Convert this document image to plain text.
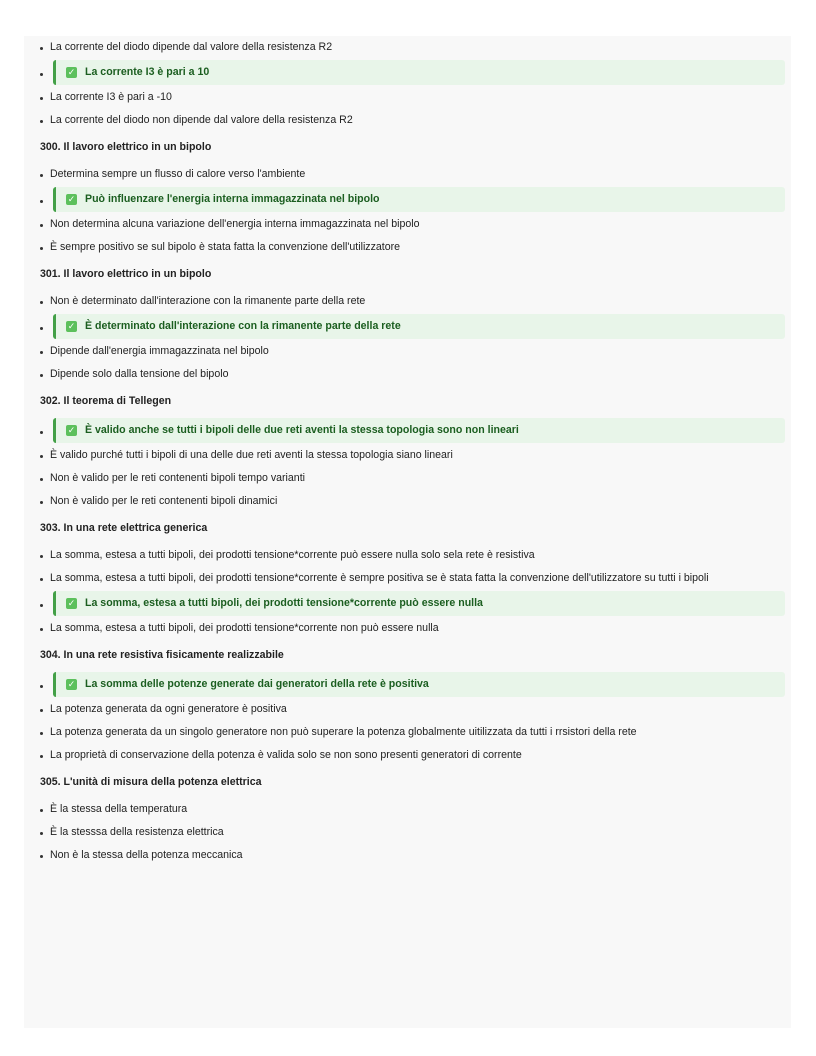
La corrente del diodo dipende dal valore della resistenza R2
✓ La corrente I3 è pari a 10
La corrente I3 è pari a -10
La corrente del diodo non dipende dal valore della resistenza R2
300. Il lavoro elettrico in un bipolo
Determina sempre un flusso di calore verso l'ambiente
✓ Può influenzare l'energia interna immagazzinata nel bipolo
Non determina alcuna variazione dell'energia interna immagazzinata nel bipolo
È sempre positivo se sul bipolo è stata fatta la convenzione dell'utilizzatore
301. Il lavoro elettrico in un bipolo
Non è determinato dall'interazione con la rimanente parte della rete
✓ È determinato dall'interazione con la rimanente parte della rete
Dipende dall'energia immagazzinata nel bipolo
Dipende solo dalla tensione del bipolo
302. Il teorema di Tellegen
✓ È valido anche se tutti i bipoli delle due reti aventi la stessa topologia sono non lineari
È valido purché tutti i bipoli di una delle due reti aventi la stessa topologia siano lineari
Non è valido per le reti contenenti bipoli tempo varianti
Non è valido per le reti contenenti bipoli dinamici
303. In una rete elettrica generica
La somma, estesa a tutti bipoli, dei prodotti tensione*corrente può essere nulla solo sela rete è resistiva
La somma, estesa a tutti bipoli, dei prodotti tensione*corrente è sempre positiva se è stata fatta la convenzione dell'utilizzatore su tutti i bipoli
✓ La somma, estesa a tutti bipoli, dei prodotti tensione*corrente può essere nulla
La somma, estesa a tutti bipoli, dei prodotti tensione*corrente non può essere nulla
304. In una rete resistiva fisicamente realizzabile
✓ La somma delle potenze generate dai generatori della rete è positiva
La potenza generata da ogni generatore è positiva
La potenza generata da un singolo generatore non può superare la potenza globalmente uitilizzata da tutti i rrsistori della rete
La proprietà di conservazione della potenza è valida solo se non sono presenti generatori di corrente
305. L'unità di misura della potenza elettrica
È la stessa della temperatura
È la stesssa della resistenza elettrica
Non è la stessa della potenza meccanica
